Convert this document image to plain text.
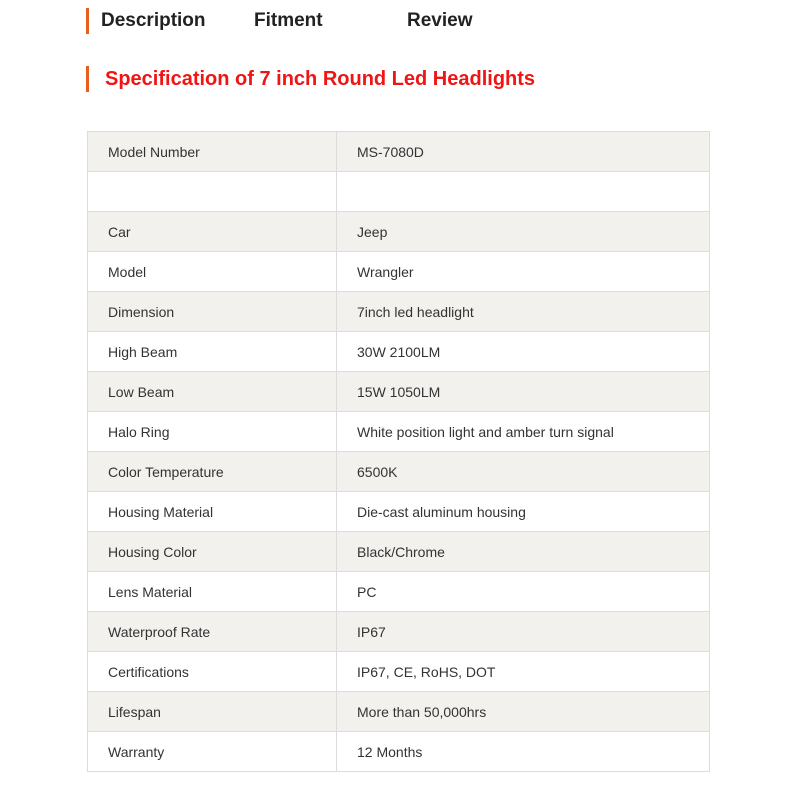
Description	Fitment	Review
Specification of 7 inch Round Led Headlights
Model Number	MS-7080D

Car	Jeep
Model	Wrangler
Dimension	7inch led headlight
High Beam	30W 2100LM
Low Beam	15W 1050LM
Halo Ring	White position light and amber turn signal
Color Temperature	6500K
Housing Material	Die-cast aluminum housing
Housing Color	Black/Chrome
Lens Material	PC
Waterproof Rate	IP67
Certifications	IP67, CE, RoHS, DOT
Lifespan	More than 50,000hrs
Warranty	12 Months
